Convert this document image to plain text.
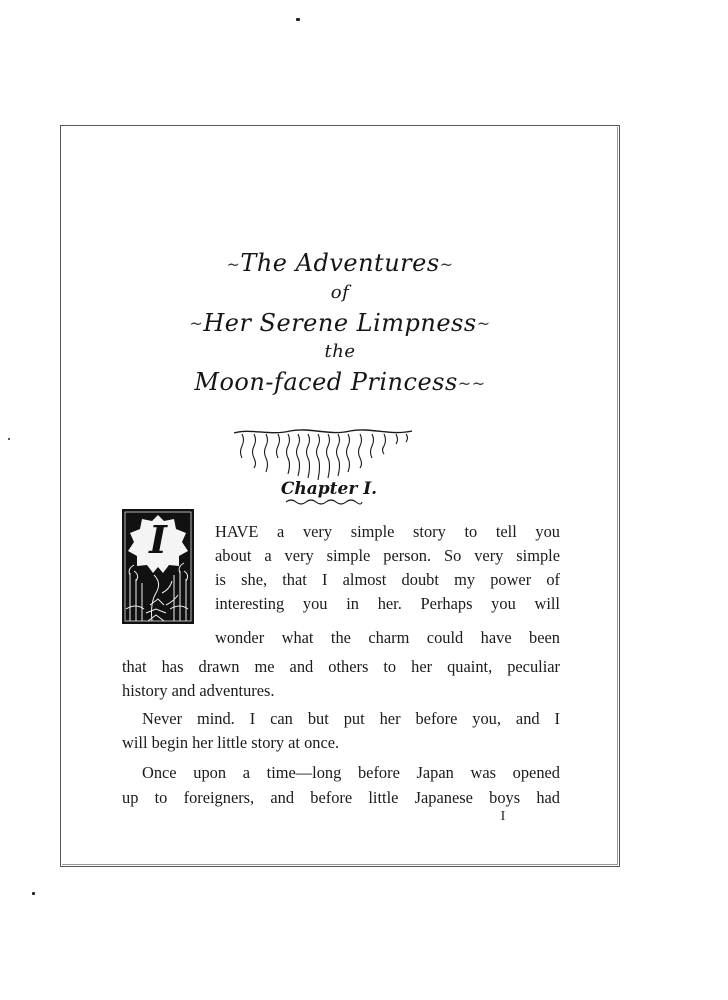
~The Adventures~
of
~Her Serene Limpness~
the
Moon-faced Princess~~
Chapter I.
I	HAVE a very simple story to tell you
about a very simple person. So very simple
is she, that I almost doubt my power of
interesting you in her. Perhaps you will
wonder what the charm could have been
that has drawn me and others to her quaint, peculiar
history and adventures.
Never mind. I can but put her before you, and I
will begin her little story at once.
Once upon a time—long before Japan was opened
up to foreigners, and before little Japanese boys had
I
